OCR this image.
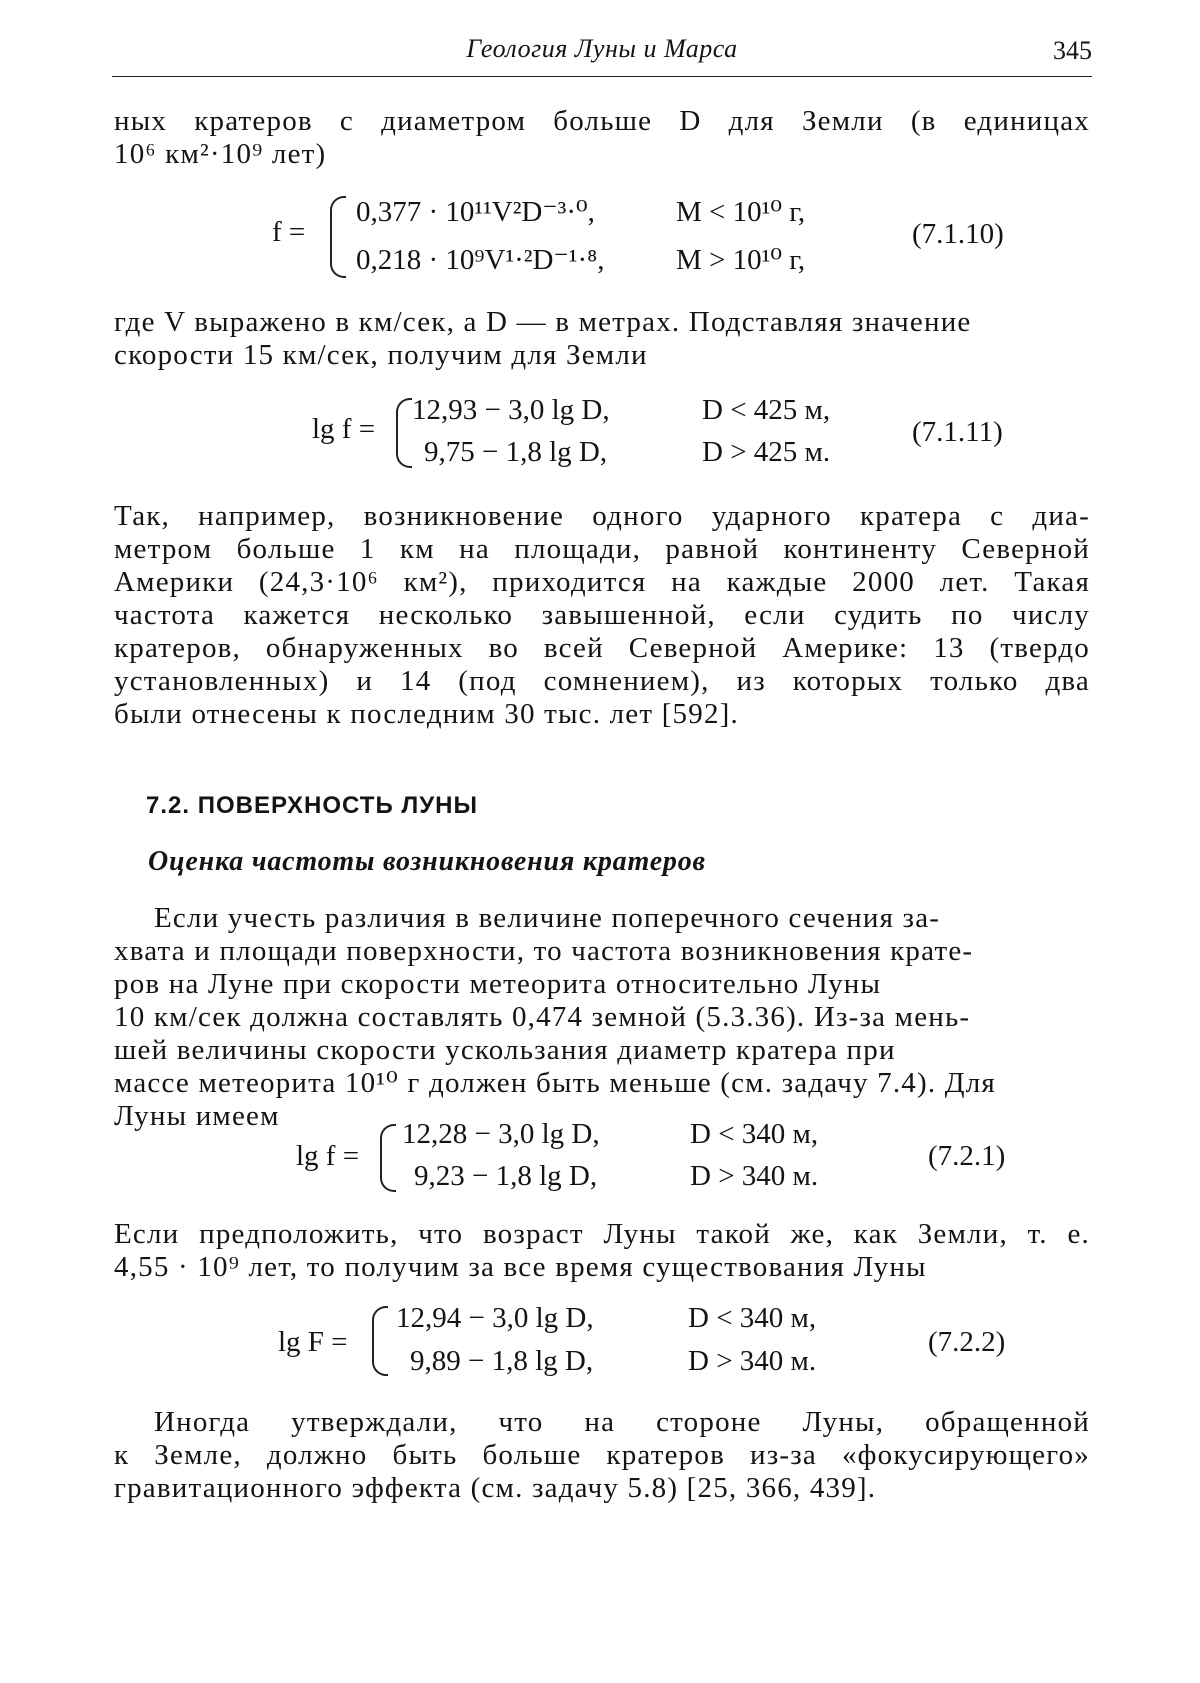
Геология Луны и Марса	345

ных кратеров с диаметром больше D для Земли (в единицах
10⁶ км²·10⁹ лет)

f =
0,377 · 10¹¹V²D⁻³·⁰,	M < 10¹⁰ г,
0,218 · 10⁹V¹·²D⁻¹·⁸, M > 10¹⁰ г,
(7.1.10)

где V выражено в км/сек, а D — в метрах. Подставляя значение
скорости 15 км/сек, получим для Земли

lg f =
12,93 − 3,0 lg D,	D < 425 м,
9,75 − 1,8 lg D,	D > 425 м.
(7.1.11)

Так, например, возникновение одного ударного кратера с диа-
метром больше 1 км на площади, равной континенту Северной
Америки (24,3·10⁶ км²), приходится на каждые 2000 лет. Такая
частота кажется несколько завышенной, если судить по числу
кратеров, обнаруженных во всей Северной Америке: 13 (твердо
установленных) и 14 (под сомнением), из которых только два
были отнесены к последним 30 тыс. лет [592].

7.2. ПОВЕРХНОСТЬ ЛУНЫ
Оценка частоты возникновения кратеров

Если учесть различия в величине поперечного сечения за-
хвата и площади поверхности, то частота возникновения крате-
ров на Луне при скорости метеорита относительно Луны
10 км/сек должна составлять 0,474 земной (5.3.36). Из-за мень-
шей величины скорости ускользания диаметр кратера при
массе метеорита 10¹⁰ г должен быть меньше (см. задачу 7.4). Для
Луны имеем

lg f =
12,28 − 3,0 lg D,	D < 340 м,
9,23 − 1,8 lg D,	D > 340 м.
(7.2.1)

Если предположить, что возраст Луны такой же, как Земли, т. е.
4,55 · 10⁹ лет, то получим за все время существования Луны

lg F =
12,94 − 3,0 lg D,	D < 340 м,
9,89 − 1,8 lg D,	D > 340 м.
(7.2.2)

Иногда утверждали, что на стороне Луны, обращенной
к Земле, должно быть больше кратеров из-за «фокусирующего»
гравитационного эффекта (см. задачу 5.8) [25, 366, 439].
